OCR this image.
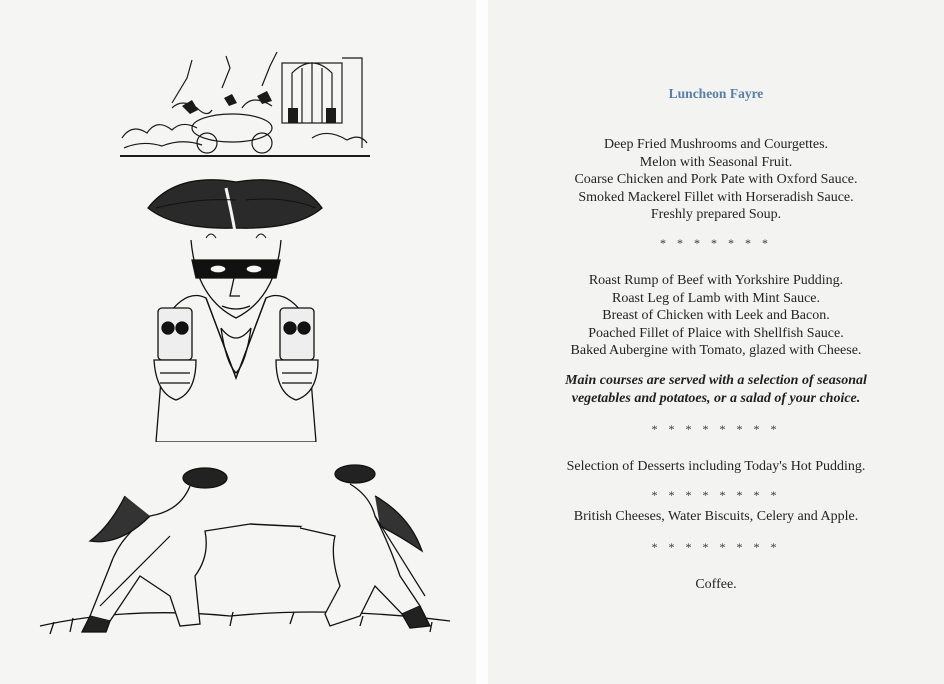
Luncheon Fayre
Deep Fried Mushrooms and Courgettes.
Melon with Seasonal Fruit.
Coarse Chicken and Pork Pate with Oxford Sauce.
Smoked Mackerel Fillet with Horseradish Sauce.
Freshly prepared Soup.
* * * * * * *
Roast Rump of Beef with Yorkshire Pudding.
Roast Leg of Lamb with Mint Sauce.
Breast of Chicken with Leek and Bacon.
Poached Fillet of Plaice with Shellfish Sauce.
Baked Aubergine with Tomato, glazed with Cheese.
Main courses are served with a selection of seasonal
vegetables and potatoes, or a salad of your choice.
* * * * * * * *
Selection of Desserts including Today's Hot Pudding.
* * * * * * * *
British Cheeses, Water Biscuits, Celery and Apple.
* * * * * * * *
Coffee.
